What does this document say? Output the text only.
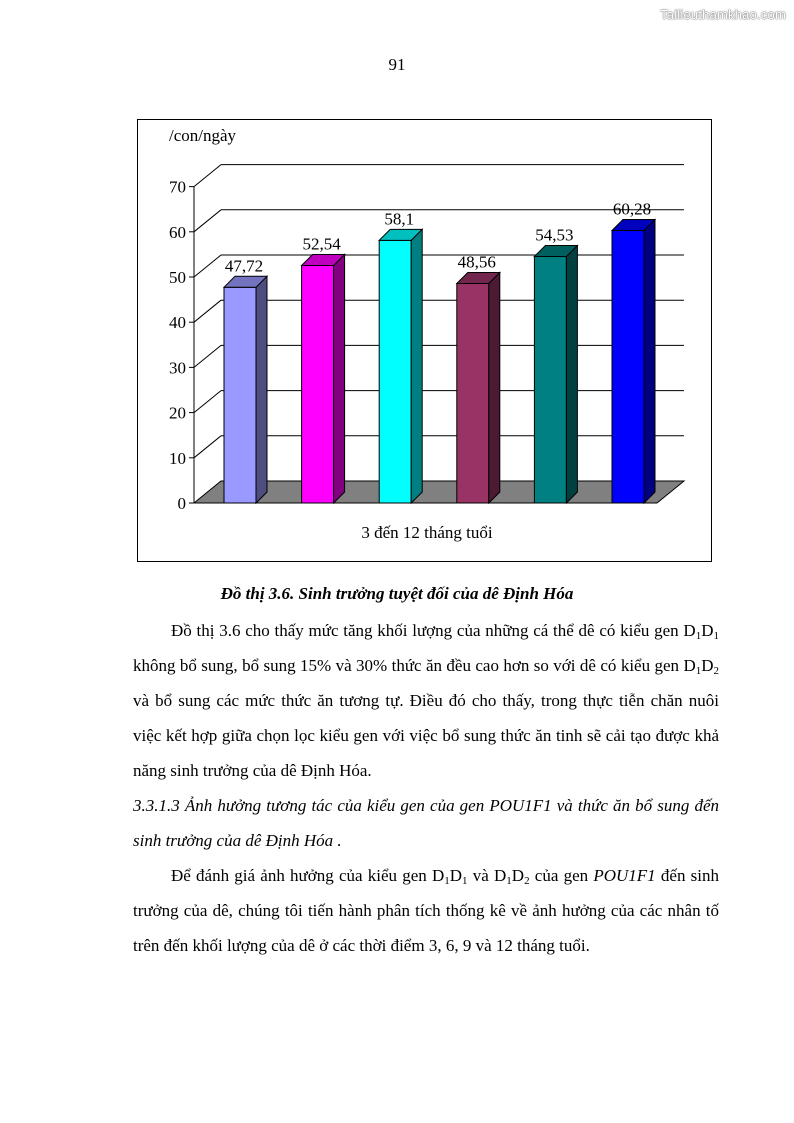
Tailieuthamkhao.com
91
0
10
20
30
40
50
60
70
47,72
52,54
58,1
48,56
54,53
60,28
/con/ngày
3 đến 12 tháng tuổi
Đồ thị 3.6. Sinh trưởng tuyệt đối của dê Định Hóa

Đồ thị 3.6 cho thấy mức tăng khối lượng của những cá thể dê có kiểu gen $D_1D_1$ không bổ sung, bổ sung 15% và 30% thức ăn đều cao hơn so với dê có kiểu gen $D_1D_2$ và bổ sung các mức thức ăn tương tự. Điều đó cho thấy, trong thực tiễn chăn nuôi việc kết hợp giữa chọn lọc kiểu gen với việc bổ sung thức ăn tinh sẽ cải tạo được khả năng sinh trưởng của dê Định Hóa.

3.3.1.3 Ảnh hưởng tương tác của kiểu gen của gen POU1F1 và thức ăn bổ sung đến sinh trưởng của dê Định Hóa .

Để đánh giá ảnh hưởng của kiểu gen $D_1D_1$ và $D_1D_2$ của gen POU1F1 đến sinh trưởng của dê, chúng tôi tiến hành phân tích thống kê về ảnh hưởng của các nhân tố trên đến khối lượng của dê ở các thời điểm 3, 6, 9 và 12 tháng tuổi.
